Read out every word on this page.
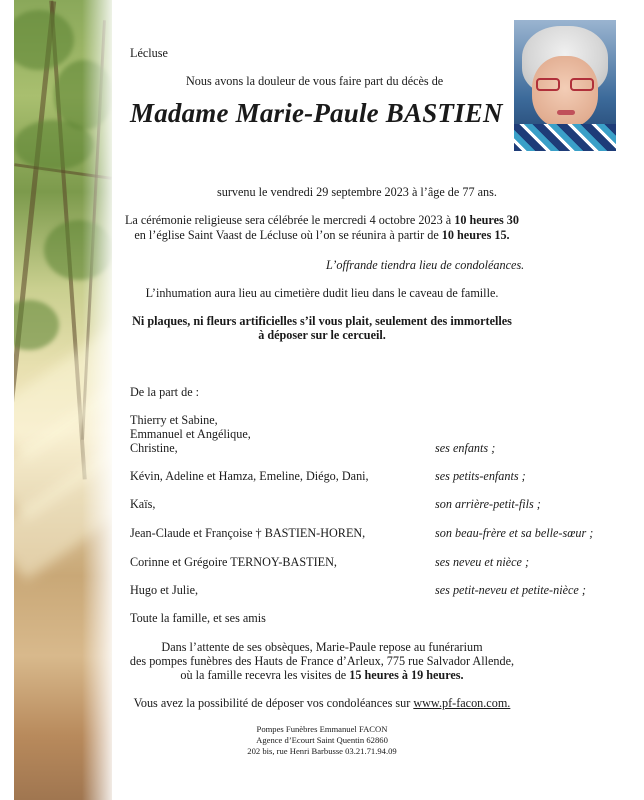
Lécluse
Nous avons la douleur de vous faire part du décès de
Madame Marie-Paule BASTIEN
survenu le vendredi 29 septembre 2023 à l’âge de 77 ans.
La cérémonie religieuse sera célébrée le mercredi 4 octobre 2023 à 10 heures 30
en l’église Saint Vaast de Lécluse où l’on se réunira à partir de 10 heures 15.
L’offrande tiendra lieu de condoléances.
L’inhumation aura lieu au cimetière dudit lieu dans le caveau de famille.
Ni plaques, ni fleurs artificielles s’il vous plait, seulement des immortelles
à déposer sur le cercueil.
De la part de :
Thierry et Sabine,
Emmanuel et Angélique,
Christine,	ses enfants ;
Kévin, Adeline et Hamza, Emeline, Diégo, Dani,	ses petits-enfants ;
Kaïs,	son arrière-petit-fils ;
Jean-Claude et Françoise † BASTIEN-HOREN,	son beau-frère et sa belle-sœur ;
Corinne et Grégoire TERNOY-BASTIEN,	ses neveu et nièce ;
Hugo et Julie,	ses petit-neveu et petite-nièce ;
Toute la famille, et ses amis
Dans l’attente de ses obsèques, Marie-Paule repose au funérarium
des pompes funèbres des Hauts de France d’Arleux, 775 rue Salvador Allende,
où la famille recevra les visites de 15 heures à 19 heures.
Vous avez la possibilité de déposer vos condoléances sur www.pf-facon.com.
Pompes Funèbres Emmanuel FACON
Agence d’Ecourt Saint Quentin 62860
202 bis, rue Henri Barbusse 03.21.71.94.09
